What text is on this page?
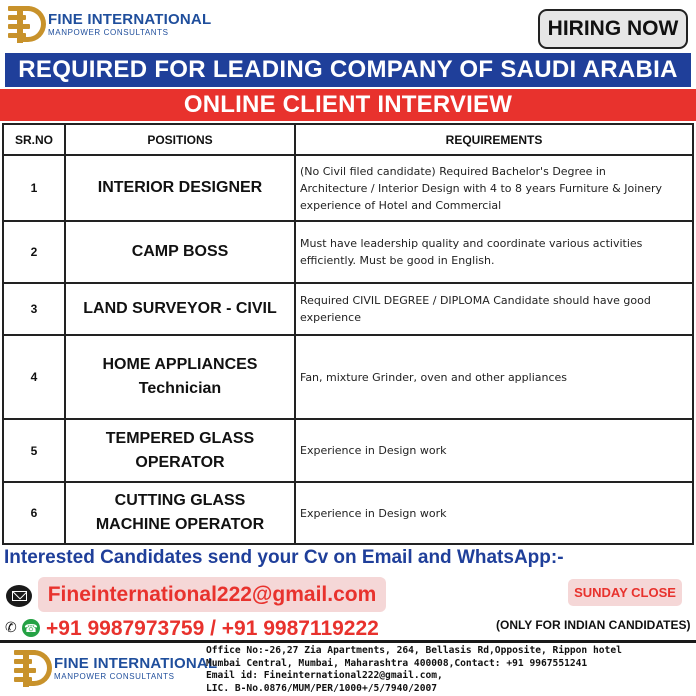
FINE INTERNATIONAL
MANPOWER CONSULTANTS	HIRING NOW
REQUIRED FOR LEADING COMPANY OF SAUDI ARABIA
ONLINE CLIENT INTERVIEW
SR.NO	POSITIONS	REQUIREMENTS
1	INTERIOR DESIGNER	(No Civil filed candidate) Required Bachelor's Degree in
Architecture / Interior Design with 4 to 8 years Furniture & Joinery
experience of Hotel and Commercial

2	CAMP BOSS	Must have leadership quality and coordinate various activities
efficiently. Must be good in English.

3	LAND SURVEYOR - CIVIL	Required CIVIL DEGREE / DIPLOMA Candidate should have good
experience

4	HOME APPLIANCES
Technician	Fan, mixture Grinder, oven and other appliances

5	TEMPERED GLASS
OPERATOR	Experience in Design work

6	CUTTING GLASS
MACHINE OPERATOR	Experience in Design work
Interested Candidates send your Cv on Email and WhatsApp:-
Fineinternational222@gmail.com	SUNDAY CLOSE
✆ ☎ +91 9987973759 / +91 9987119222	(ONLY FOR INDIAN CANDIDATES)
FINE INTERNATIONAL
MANPOWER CONSULTANTS
Office No:-26,27 Zia Apartments, 264, Bellasis Rd,Opposite, Rippon hotel
Mumbai Central, Mumbai, Maharashtra 400008,Contact: +91 9967551241
Email id: Fineinternational222@gmail.com,
LIC. B-No.0876/MUM/PER/1000+/5/7940/2007
